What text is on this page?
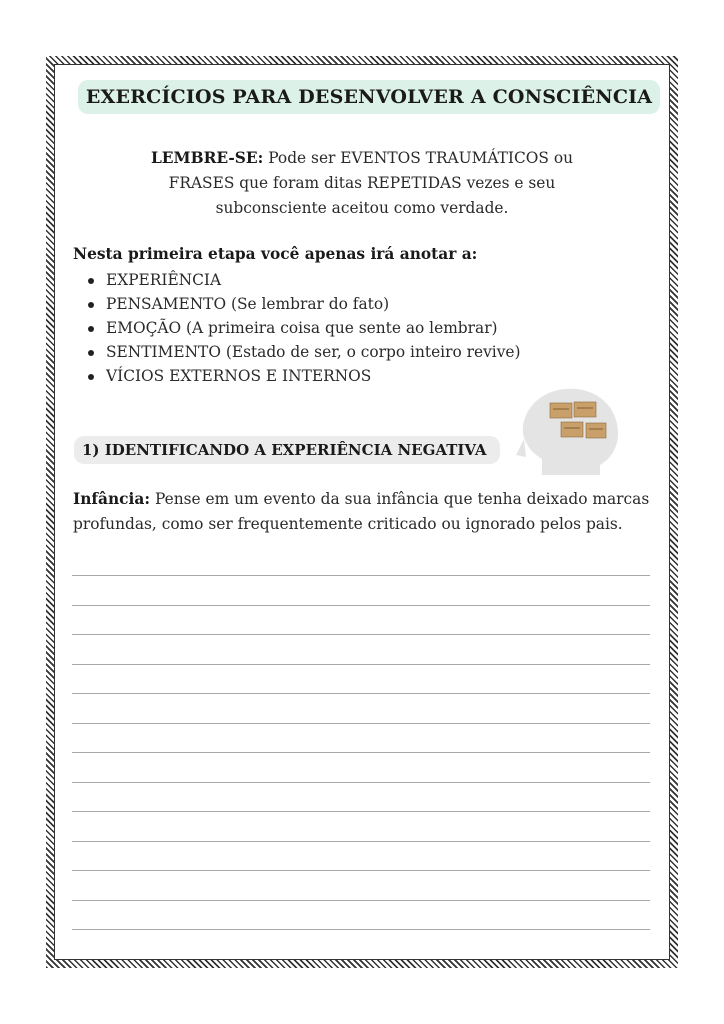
EXERCÍCIOS PARA DESENVOLVER A CONSCIÊNCIA
LEMBRE-SE: Pode ser EVENTOS TRAUMÁTICOS ou
FRASES que foram ditas REPETIDAS vezes e seu
subconsciente aceitou como verdade.
Nesta primeira etapa você apenas irá anotar a:
EXPERIÊNCIA
PENSAMENTO (Se lembrar do fato)
EMOÇÃO (A primeira coisa que sente ao lembrar)
SENTIMENTO (Estado de ser, o corpo inteiro revive)
VÍCIOS EXTERNOS E INTERNOS
1) IDENTIFICANDO A EXPERIÊNCIA NEGATIVA
Infância: Pense em um evento da sua infância que tenha deixado marcas profundas, como ser frequentemente criticado ou ignorado pelos pais.
